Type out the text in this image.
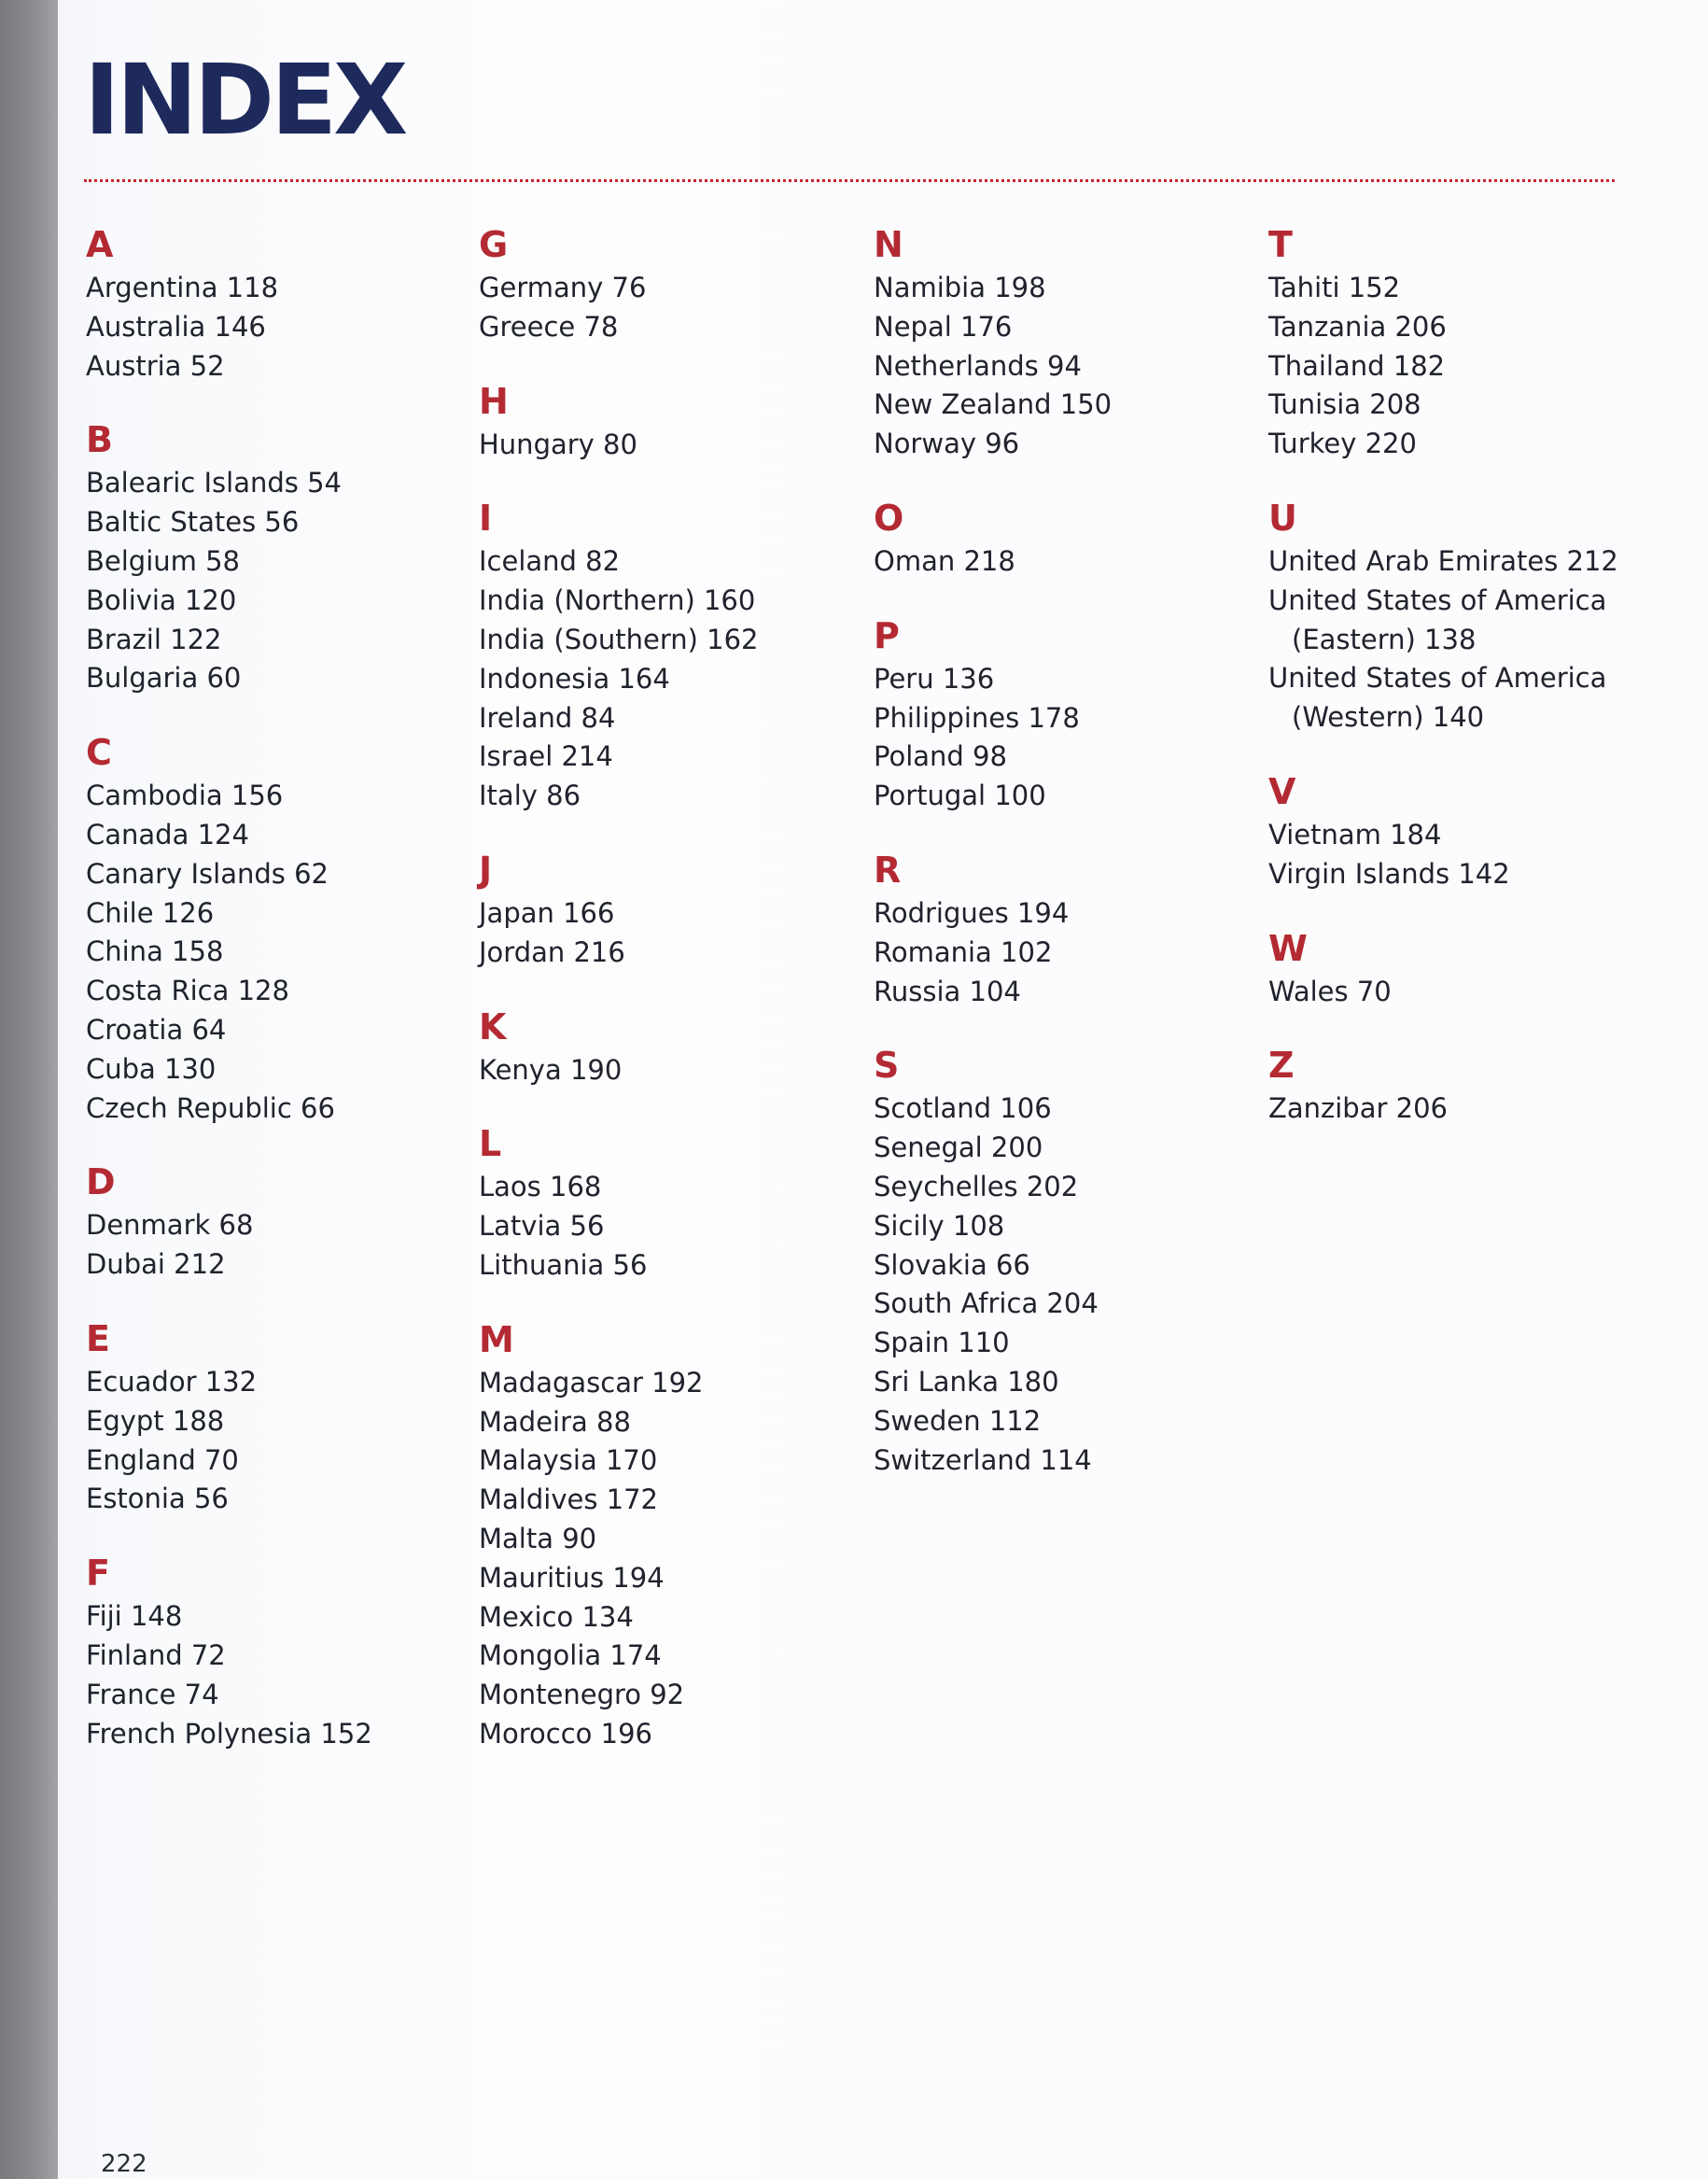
INDEX
A
Argentina 118
Australia 146
Austria 52
B
Balearic Islands 54
Baltic States 56
Belgium 58
Bolivia 120
Brazil 122
Bulgaria 60
C
Cambodia 156
Canada 124
Canary Islands 62
Chile 126
China 158
Costa Rica 128
Croatia 64
Cuba 130
Czech Republic 66
D
Denmark 68
Dubai 212
E
Ecuador 132
Egypt 188
England 70
Estonia 56
F
Fiji 148
Finland 72
France 74
French Polynesia 152
G
Germany 76
Greece 78
H
Hungary 80
I
Iceland 82
India (Northern) 160
India (Southern) 162
Indonesia 164
Ireland 84
Israel 214
Italy 86
J
Japan 166
Jordan 216
K
Kenya 190
L
Laos 168
Latvia 56
Lithuania 56
M
Madagascar 192
Madeira 88
Malaysia 170
Maldives 172
Malta 90
Mauritius 194
Mexico 134
Mongolia 174
Montenegro 92
Morocco 196
N
Namibia 198
Nepal 176
Netherlands 94
New Zealand 150
Norway 96
O
Oman 218
P
Peru 136
Philippines 178
Poland 98
Portugal 100
R
Rodrigues 194
Romania 102
Russia 104
S
Scotland 106
Senegal 200
Seychelles 202
Sicily 108
Slovakia 66
South Africa 204
Spain 110
Sri Lanka 180
Sweden 112
Switzerland 114
T
Tahiti 152
Tanzania 206
Thailand 182
Tunisia 208
Turkey 220
U
United Arab Emirates 212
United States of America
(Eastern) 138
United States of America
(Western) 140
V
Vietnam 184
Virgin Islands 142
W
Wales 70
Z
Zanzibar 206
222
